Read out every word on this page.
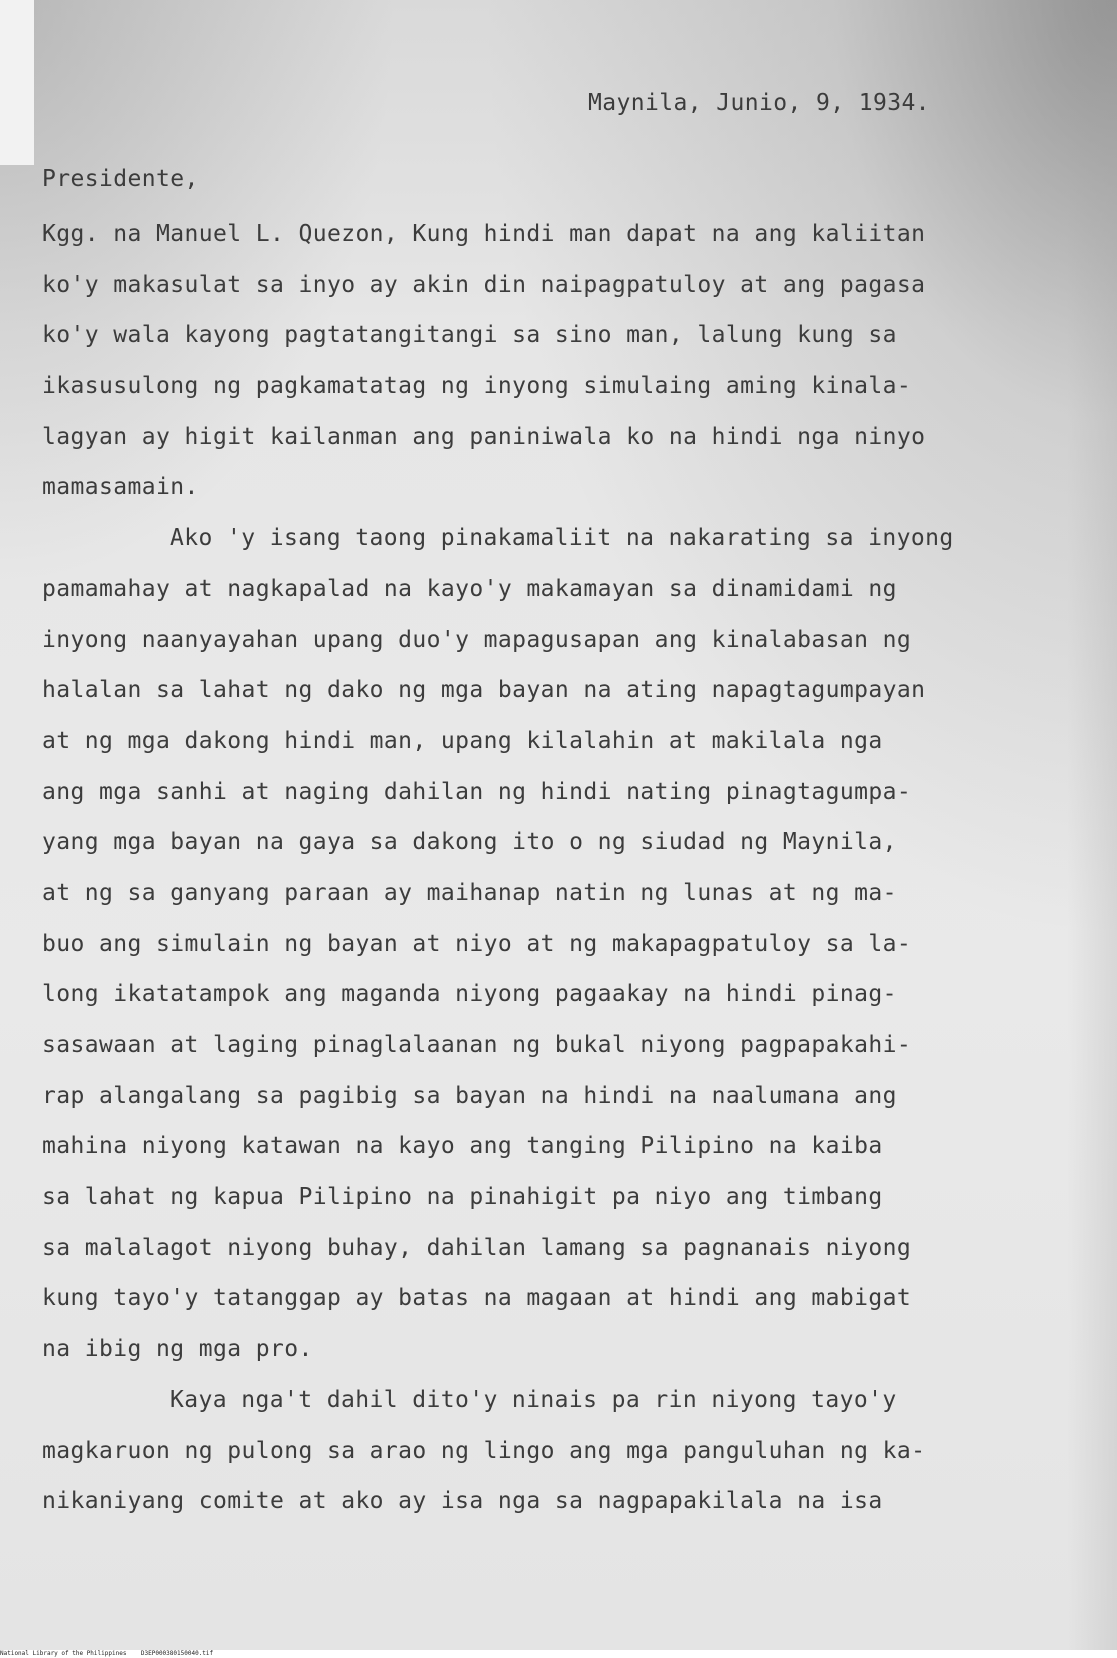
Maynila, Junio, 9, 1934.

Presidente,

Kgg. na Manuel L. Quezon, Kung hindi man dapat na ang kaliitan
ko'y makasulat sa inyo ay akin din naipagpatuloy at ang pagasa
ko'y wala kayong pagtatangitangi sa sino man, lalung kung sa
ikasusulong ng pagkamatatag ng inyong simulaing aming kinala-
lagyan ay higit kailanman ang paniniwala ko na hindi nga ninyo
mamasamain.
Ako 'y isang taong pinakamaliit na nakarating sa inyong
pamamahay at nagkapalad na kayo'y makamayan sa dinamidami ng
inyong naanyayahan upang duo'y mapagusapan ang kinalabasan ng
halalan sa lahat ng dako ng mga bayan na ating napagtagumpayan
at ng mga dakong hindi man, upang kilalahin at makilala nga
ang mga sanhi at naging dahilan ng hindi nating pinagtagumpa-
yang mga bayan na gaya sa dakong ito o ng siudad ng Maynila,
at ng sa ganyang paraan ay maihanap natin ng lunas at ng ma-
buo ang simulain ng bayan at niyo at ng makapagpatuloy sa la-
long ikatatampok ang maganda niyong pagaakay na hindi pinag-
sasawaan at laging pinaglalaanan ng bukal niyong pagpapakahi-
rap alangalang sa pagibig sa bayan na hindi na naalumana ang
mahina niyong katawan na kayo ang tanging Pilipino na kaiba
sa lahat ng kapua Pilipino na pinahigit pa niyo ang timbang
sa malalagot niyong buhay, dahilan lamang sa pagnanais niyong
kung tayo'y tatanggap ay batas na magaan at hindi ang mabigat
na ibig ng mga pro.
Kaya nga't dahil dito'y ninais pa rin niyong tayo'y
magkaruon ng pulong sa arao ng lingo ang mga panguluhan ng ka-
nikaniyang comite at ako ay isa nga sa nagpapakilala na isa
National Library of the Philippines    D3EP000380150040.tif
